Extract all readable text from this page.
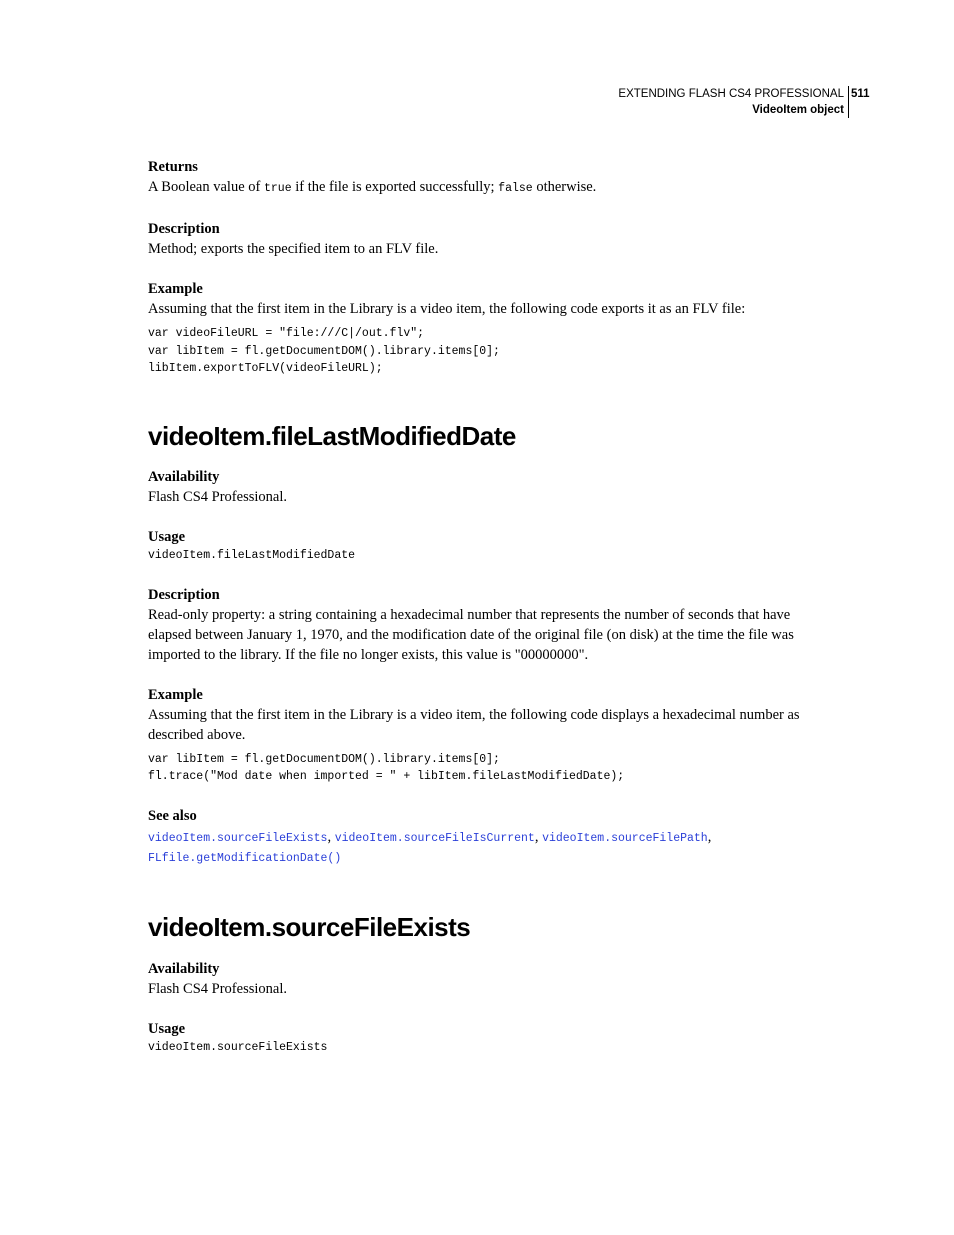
EXTENDING FLASH CS4 PROFESSIONAL
VideoItem object
511
Returns

A Boolean value of true if the file is exported successfully; false otherwise.

Description

Method; exports the specified item to an FLV file.

Example

Assuming that the first item in the Library is a video item, the following code exports it as an FLV file:

var videoFileURL = "file:///C|/out.flv";
var libItem = fl.getDocumentDOM().library.items[0];
libItem.exportToFLV(videoFileURL);
videoItem.fileLastModifiedDate
Availability

Flash CS4 Professional.

Usage
videoItem.fileLastModifiedDate
Description

Read-only property: a string containing a hexadecimal number that represents the number of seconds that have elapsed between January 1, 1970, and the modification date of the original file (on disk) at the time the file was imported to the library. If the file no longer exists, this value is "00000000".

Example

Assuming that the first item in the Library is a video item, the following code displays a hexadecimal number as described above.

var libItem = fl.getDocumentDOM().library.items[0];
fl.trace("Mod date when imported = " + libItem.fileLastModifiedDate);
See also
videoItem.sourceFileExists, videoItem.sourceFileIsCurrent, videoItem.sourceFilePath,
FLfile.getModificationDate()
videoItem.sourceFileExists
Availability

Flash CS4 Professional.

Usage
videoItem.sourceFileExists
